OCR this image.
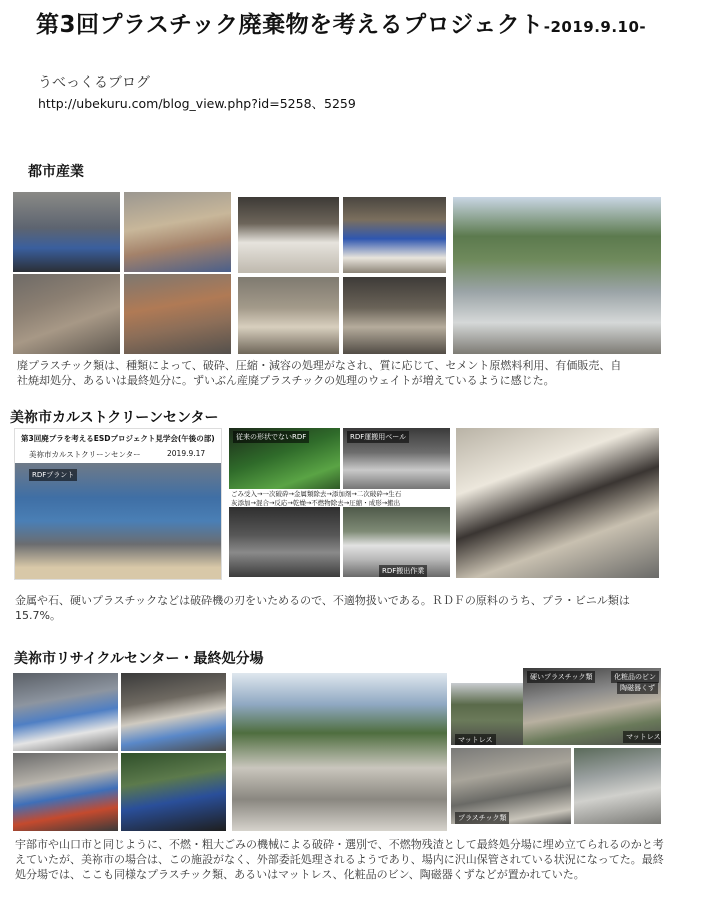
第3回プラスチック廃棄物を考えるプロジェクト-2019.9.10-
うべっくるブログ
http://ubekuru.com/blog_view.php?id=5258、5259
都市産業
廃プラスチック類は、種類によって、破砕、圧縮・減容の処理がなされ、質に応じて、セメント原燃料利用、有価販売、自社焼却処分、あるいは最終処分に。ずいぶん産廃プラスチックの処理のウェイトが増えているように感じた。
美祢市カルストクリーンセンター
第3回廃プラを考えるESDプロジェクト見学会(午後の部)
美祢市カルストクリーンセンター	2019.9.17
RDFプラント
従来の形状でないRDF	RDF運搬用ベール
ごみ受入→一次破砕→金属類除去→添加剤→二次破砕→生石
灰添加→混合→反応→乾燥→不燃物除去→圧縮・成形→搬出
RDF搬出作業
金属や石、硬いプラスチックなどは破砕機の刃をいためるので、不適物扱いである。ＲＤＦの原料のうち、プラ・ビニル類は15.7%。
美祢市リサイクルセンター・最終処分場
マットレス
硬いプラスチック類	化粧品のビン
陶磁器くず
マットレス
プラスチック類
宇部市や山口市と同じように、不燃・粗大ごみの機械による破砕・選別で、不燃物残渣として最終処分場に埋め立てられるのかと考えていたが、美祢市の場合は、この施設がなく、外部委託処理されるようであり、場内に沢山保管されている状況になってた。最終処分場では、ここも同様なプラスチック類、あるいはマットレス、化粧品のビン、陶磁器くずなどが置かれていた。
